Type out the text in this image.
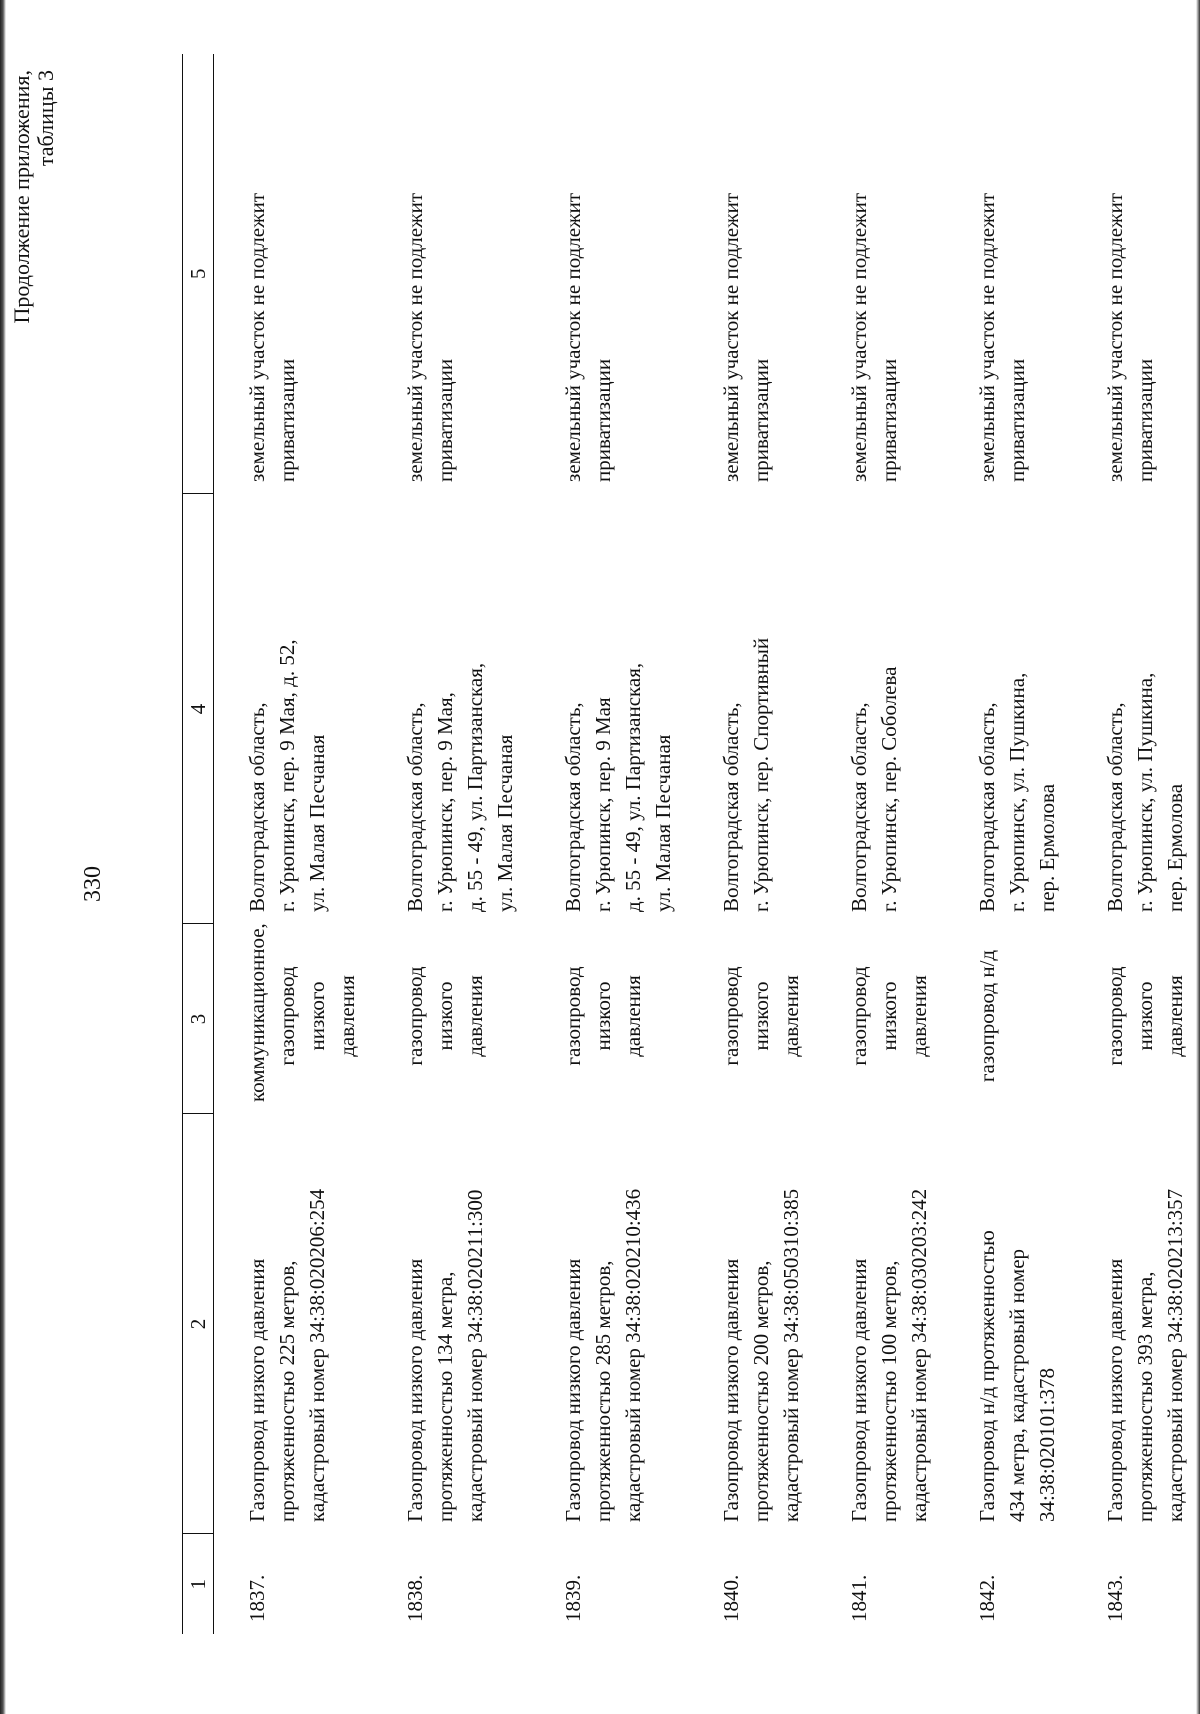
330
Продолжение приложения, таблицы 3
1	2	3	4	5
1837.	Газопровод низкого давления протяженностью 225 метров, кадастровый номер 34:38:020206:254	коммуникационное, газопровод низкого давления	Волгоградская область, г. Урюпинск, пер. 9 Мая, д. 52, ул. Малая Песчаная	земельный участок не подлежит приватизации

1838.	Газопровод низкого давления протяженностью 134 метра, кадастровый номер 34:38:020211:300	газопровод низкого давления	Волгоградская область, г. Урюпинск, пер. 9 Мая, д. 55 - 49, ул. Партизанская, ул. Малая Песчаная	земельный участок не подлежит приватизации

1839.	Газопровод низкого давления протяженностью 285 метров, кадастровый номер 34:38:020210:436	газопровод низкого давления	Волгоградская область, г. Урюпинск, пер. 9 Мая д. 55 - 49, ул. Партизанская, ул. Малая Песчаная	земельный участок не подлежит приватизации

1840.	Газопровод низкого давления протяженностью 200 метров, кадастровый номер 34:38:050310:385	газопровод низкого давления	Волгоградская область, г. Урюпинск, пер. Спортивный	земельный участок не подлежит приватизации

1841.	Газопровод низкого давления протяженностью 100 метров, кадастровый номер 34:38:030203:242	газопровод низкого давления	Волгоградская область, г. Урюпинск, пер. Соболева	земельный участок не подлежит приватизации

1842.	Газопровод н/д протяженностью 434 метра, кадастровый номер 34:38:020101:378	газопровод н/д	Волгоградская область, г. Урюпинск, ул. Пушкина, пер. Ермолова	земельный участок не подлежит приватизации

1843.	Газопровод низкого давления протяженностью 393 метра, кадастровый номер 34:38:020213:357	газопровод низкого давления	Волгоградская область, г. Урюпинск, ул. Пушкина, пер. Ермолова	земельный участок не подлежит приватизации
